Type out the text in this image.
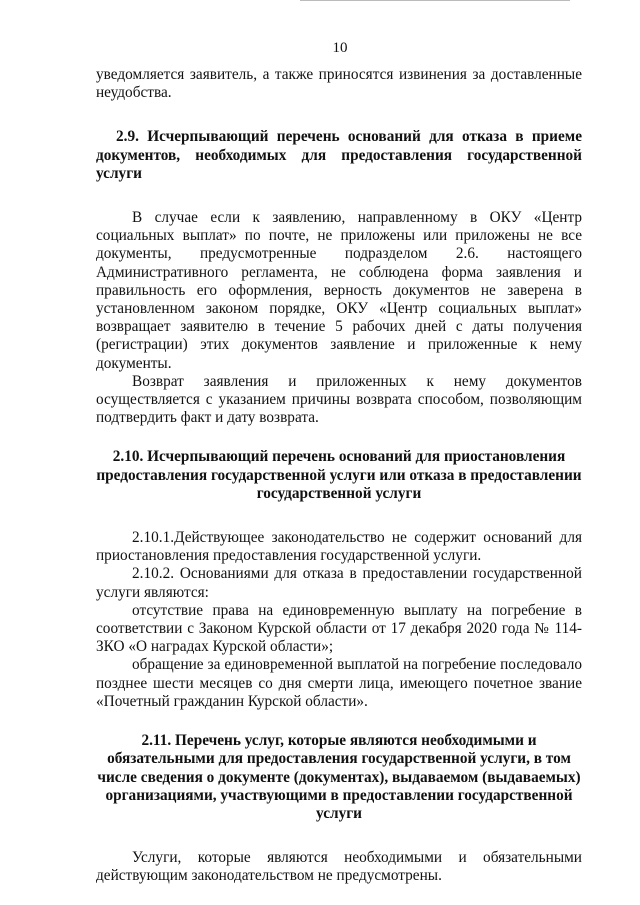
10

уведомляется заявитель, а также приносятся извинения за доставленные неудобства.

2.9. Исчерпывающий перечень оснований для отказа в приеме документов, необходимых для предоставления государственной услуги

В случае если к заявлению, направленному в ОКУ «Центр социальных выплат» по почте, не приложены или приложены не все документы, предусмотренные подразделом 2.6. настоящего Административного регламента, не соблюдена форма заявления и правильность его оформления, верность документов не заверена в установленном законом порядке, ОКУ «Центр социальных выплат» возвращает заявителю в течение 5 рабочих дней с даты получения (регистрации) этих документов заявление и приложенные к нему документы.

Возврат заявления и приложенных к нему документов осуществляется с указанием причины возврата способом, позволяющим подтвердить факт и дату возврата.

2.10. Исчерпывающий перечень оснований для приостановления предоставления государственной услуги или отказа в предоставлении государственной услуги

2.10.1.Действующее законодательство не содержит оснований для приостановления предоставления государственной услуги.

2.10.2. Основаниями для отказа в предоставлении государственной услуги являются:

отсутствие права на единовременную выплату на погребение в соответствии с Законом Курской области от 17 декабря 2020 года № 114-ЗКО «О наградах Курской области»;

обращение за единовременной выплатой на погребение последовало позднее шести месяцев со дня смерти лица, имеющего почетное звание «Почетный гражданин Курской области».

2.11. Перечень услуг, которые являются необходимыми и обязательными для предоставления государственной услуги, в том числе сведения о документе (документах), выдаваемом (выдаваемых) организациями, участвующими в предоставлении государственной услуги

Услуги, которые являются необходимыми и обязательными действующим законодательством не предусмотрены.
